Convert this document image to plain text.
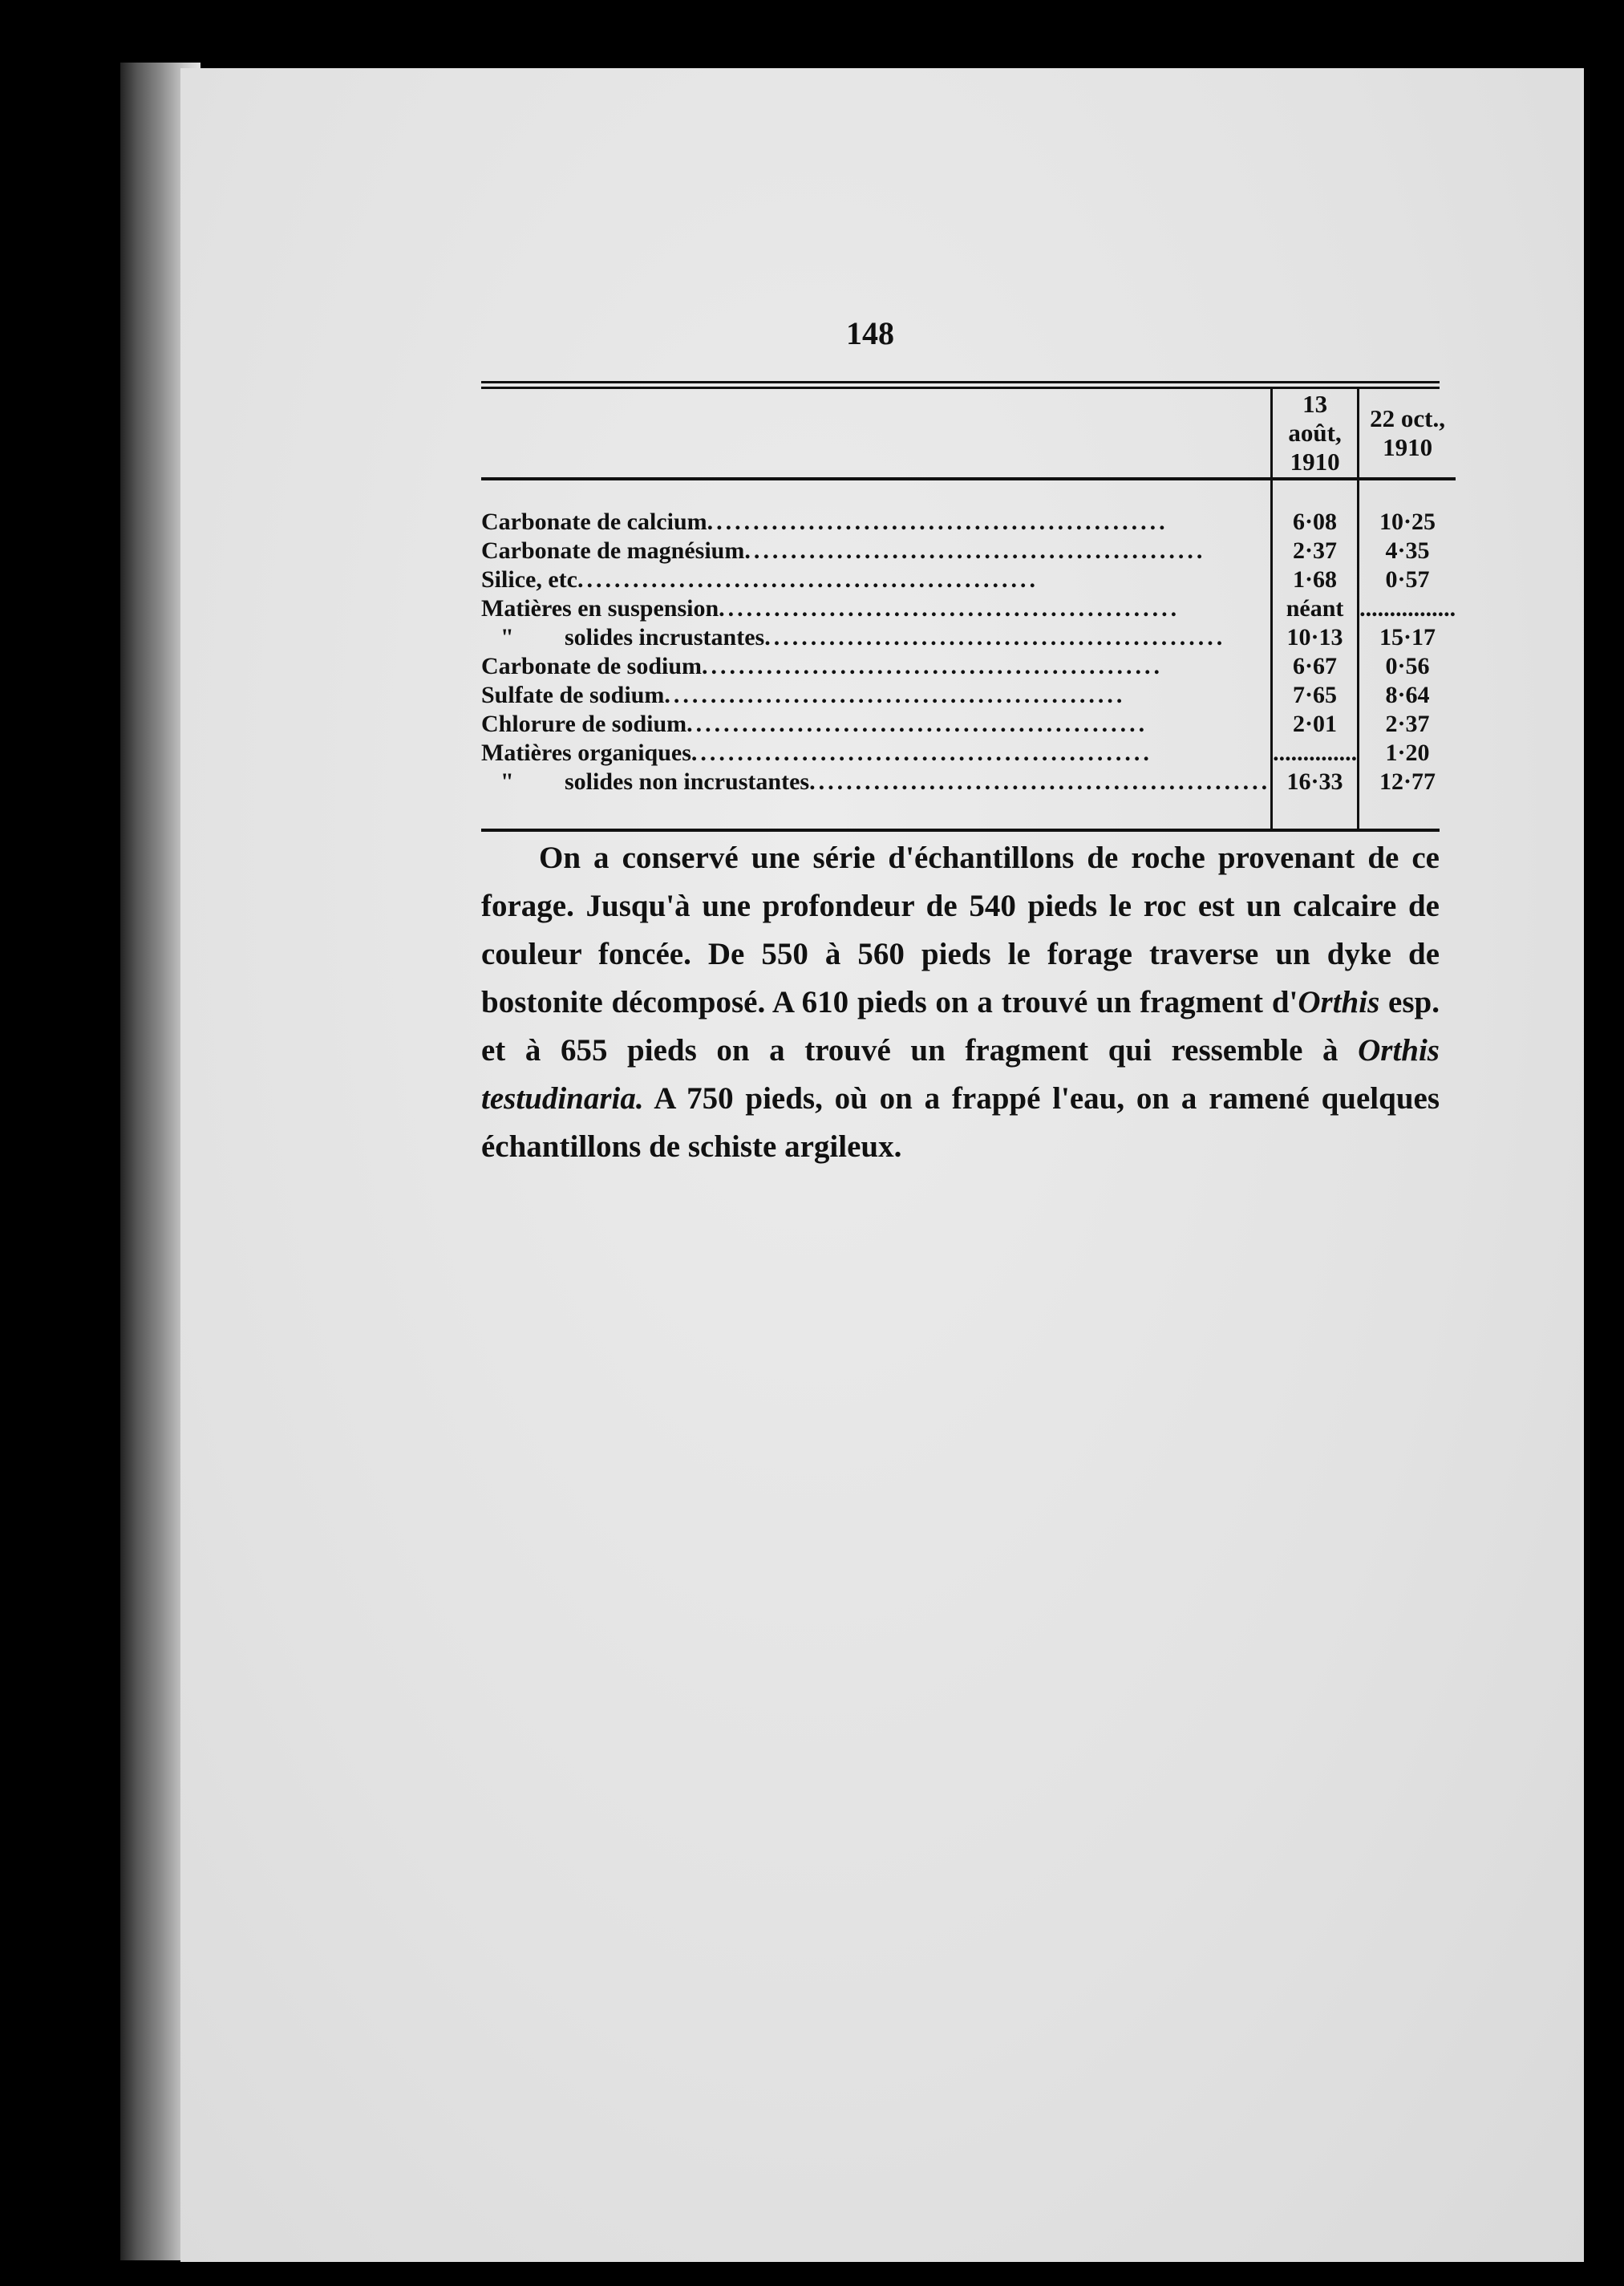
148
	13 août, 1910	22 oct., 1910
Carbonate de calcium..................................................	6·08	10·25
Carbonate de magnésium..................................................	2·37	4·35
Silice, etc..................................................	1·68	0·57
Matières en suspension..................................................	néant	................
" solides incrustantes..................................................	10·13	15·17
Carbonate de sodium..................................................	6·67	0·56
Sulfate de sodium..................................................	7·65	8·64
Chlorure de sodium..................................................	2·01	2·37
Matières organiques..................................................	..............	1·20
" solides non incrustantes..................................................	16·33	12·77
On a conservé une série d'échantillons de roche provenant de ce forage. Jusqu'à une profondeur de 540 pieds le roc est un calcaire de couleur foncée. De 550 à 560 pieds le forage traverse un dyke de bostonite décomposé. A 610 pieds on a trouvé un fragment d'Orthis esp. et à 655 pieds on a trouvé un fragment qui ressemble à Orthis testudinaria. A 750 pieds, où on a frappé l'eau, on a ramené quelques échantillons de schiste argileux.
